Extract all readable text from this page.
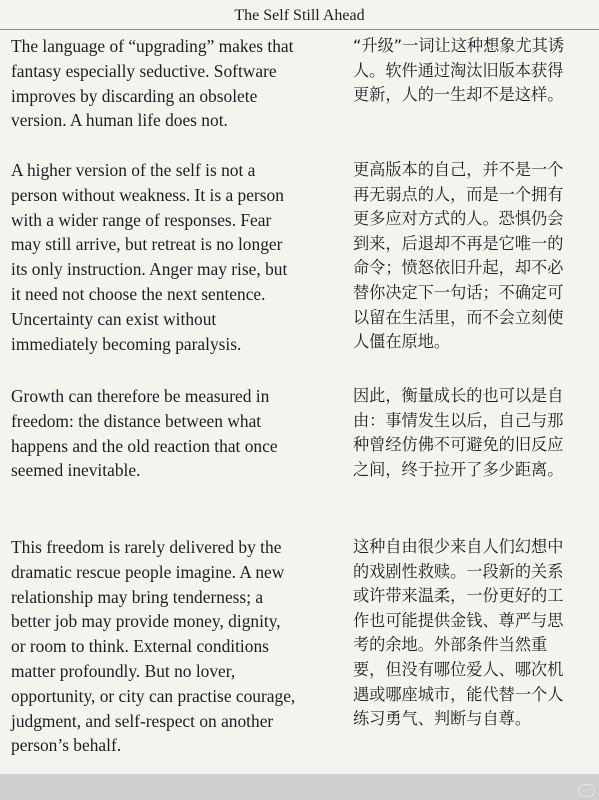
The Self Still Ahead
The language of “upgrading” makes that
fantasy especially seductive. Software
improves by discarding an obsolete
version. A human life does not.
“升级”一词让这种想象尤其诱
人。软件通过淘汰旧版本获得
更新，人的一生却不是这样。
A higher version of the self is not a
person without weakness. It is a person
with a wider range of responses. Fear
may still arrive, but retreat is no longer
its only instruction. Anger may rise, but
it need not choose the next sentence.
Uncertainty can exist without
immediately becoming paralysis.
更高版本的自己，并不是一个
再无弱点的人，而是一个拥有
更多应对方式的人。恐惧仍会
到来，后退却不再是它唯一的
命令；愤怒依旧升起，却不必
替你决定下一句话；不确定可
以留在生活里，而不会立刻使
人僵在原地。
Growth can therefore be measured in
freedom: the distance between what
happens and the old reaction that once
seemed inevitable.
因此，衡量成长的也可以是自
由：事情发生以后，自己与那
种曾经仿佛不可避免的旧反应
之间，终于拉开了多少距离。
This freedom is rarely delivered by the
dramatic rescue people imagine. A new
relationship may bring tenderness; a
better job may provide money, dignity,
or room to think. External conditions
matter profoundly. But no lover,
opportunity, or city can practise courage,
judgment, and self-respect on another
person’s behalf.
这种自由很少来自人们幻想中
的戏剧性救赎。一段新的关系
或许带来温柔，一份更好的工
作也可能提供金钱、尊严与思
考的余地。外部条件当然重
要，但没有哪位爱人、哪次机
遇或哪座城市，能代替一个人
练习勇气、判断与自尊。
··
